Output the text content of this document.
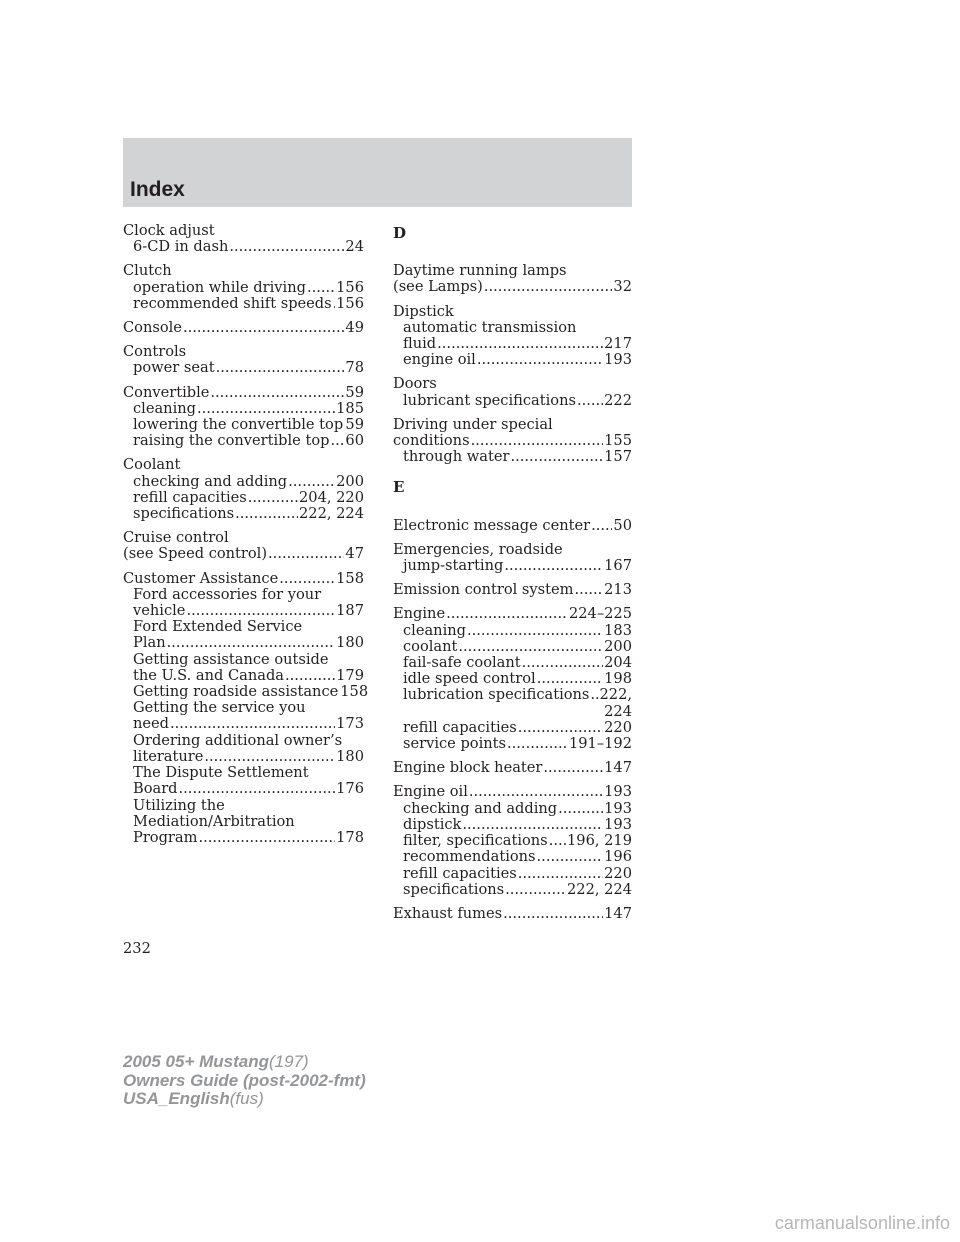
Index
Clock adjust
6-CD in dash .....	24
Clutch
operation while driving ..... 156
recommended shift speeds ..... 156
Console .....	49
Controls
power seat .....	78
Convertible .....	59
cleaning .....	185
lowering the convertible top ..... 59
raising the convertible top ..... 60
Coolant
checking and adding .....	200
refill capacities .....	204, 220
specifications .....	222, 224
Cruise control
(see Speed control) .....	47
Customer Assistance .....	158
Ford accessories for your
vehicle .....	187
Ford Extended Service
Plan .....	180
Getting assistance outside
the U.S. and Canada .....	179
Getting roadside assistance 158
Getting the service you
need .....	173
Ordering additional owner’s
literature .....	180
The Dispute Settlement
Board .....	176
Utilizing the
Mediation/Arbitration
Program .....	178
D
Daytime running lamps
(see Lamps) .....	32
Dipstick
automatic transmission
fluid .....	217
engine oil .....	193
Doors
lubricant specifications ..... 222
Driving under special
conditions .....	155
through water .....	157
E
Electronic message center ..... 50
Emergencies, roadside
jump-starting .....	167
Emission control system ..... 213
Engine .....	224–225
cleaning .....	183
coolant .....	200
fail-safe coolant .....	204
idle speed control .....	198
lubrication specifications ..... 222,
224
refill capacities .....	220
service points .....	191–192
Engine block heater .....	147
Engine oil .....	193
checking and adding .....	193
dipstick .....	193
filter, specifications ..... 196, 219
recommendations .....	196
refill capacities .....	220
specifications .....	222, 224
Exhaust fumes .....	147
232
2005 05+ Mustang(197)
Owners Guide (post-2002-fmt)
USA_English(fus)
carmanualsonline.info
